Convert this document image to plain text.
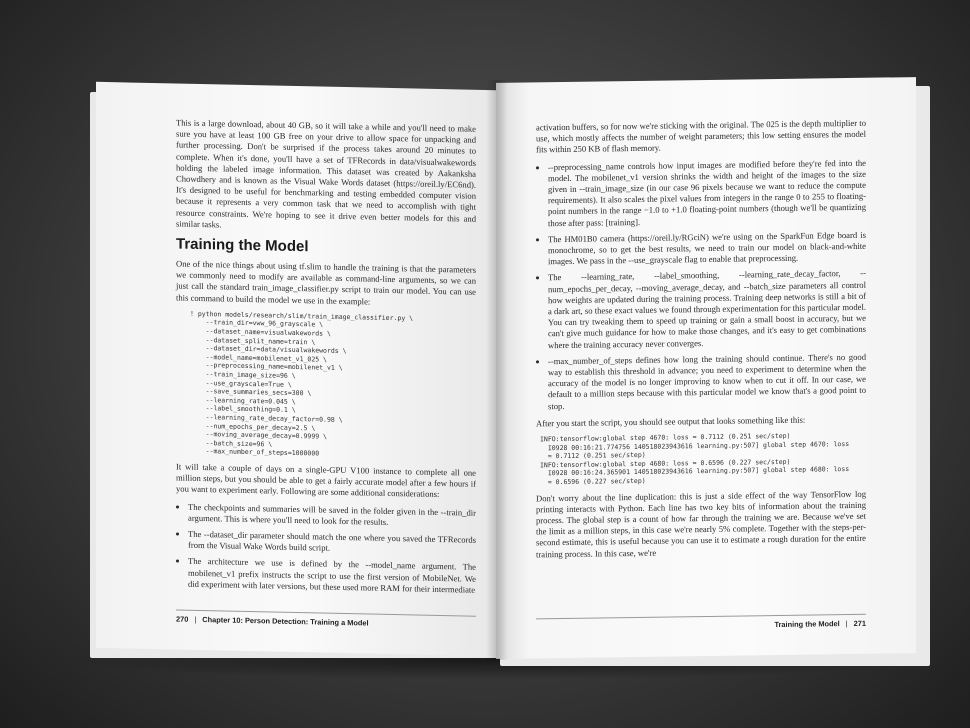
This is a large download, about 40 GB, so it will take a while and you'll need to make sure you have at least 100 GB free on your drive to allow space for unpacking and further processing. Don't be surprised if the process takes around 20 minutes to complete. When it's done, you'll have a set of TFRecords in data/visualwakewords holding the labeled image information. This dataset was created by Aakanksha Chowdhery and is known as the Visual Wake Words dataset (https://oreil.ly/EC6nd). It's designed to be useful for benchmarking and testing embedded computer vision because it represents a very common task that we need to accomplish with tight resource constraints. We're hoping to see it drive even better models for this and similar tasks.

Training the Model

One of the nice things about using tf.slim to handle the training is that the parameters we commonly need to modify are available as command-line arguments, so we can just call the standard train_image_classifier.py script to train our model. You can use this command to build the model we use in the example:

! python models/research/slim/train_image_classifier.py \
--train_dir=vww_96_grayscale \
--dataset_name=visualwakewords \
--dataset_split_name=train \
--dataset_dir=data/visualwakewords \
--model_name=mobilenet_v1_025 \
--preprocessing_name=mobilenet_v1 \
--train_image_size=96 \
--use_grayscale=True \
--save_summaries_secs=300 \
--learning_rate=0.045 \
--label_smoothing=0.1 \
--learning_rate_decay_factor=0.98 \
--num_epochs_per_decay=2.5 \
--moving_average_decay=0.9999 \
--batch_size=96 \
--max_number_of_steps=1000000

It will take a couple of days on a single-GPU V100 instance to complete all one million steps, but you should be able to get a fairly accurate model after a few hours if you want to experiment early. Following are some additional considerations:

• The checkpoints and summaries will be saved in the folder given in the --train_dir argument. This is where you'll need to look for the results.
• The --dataset_dir parameter should match the one where you saved the TFRecords from the Visual Wake Words build script.
• The architecture we use is defined by the --model_name argument. The mobilenet_v1 prefix instructs the script to use the first version of MobileNet. We did experiment with later versions, but these used more RAM for their intermediate
270 | Chapter 10: Person Detection: Training a Model

activation buffers, so for now we're sticking with the original. The 025 is the depth multiplier to use, which mostly affects the number of weight parameters; this low setting ensures the model fits within 250 KB of flash memory.

• --preprocessing_name controls how input images are modified before they're fed into the model. The mobilenet_v1 version shrinks the width and height of the images to the size given in --train_image_size (in our case 96 pixels because we want to reduce the compute requirements). It also scales the pixel values from integers in the range 0 to 255 to floating-point numbers in the range −1.0 to +1.0 floating-point numbers (though we'll be quantizing those after pass: [training].
• The HM01B0 camera (https://oreil.ly/RGciN) we're using on the SparkFun Edge board is monochrome, so to get the best results, we need to train our model on black-and-white images. We pass in the --use_grayscale flag to enable that preprocessing.
• The --learning_rate, --label_smoothing, --learning_rate_decay_factor, --num_epochs_per_decay, --moving_average_decay, and --batch_size parameters all control how weights are updated during the training process. Training deep networks is still a bit of a dark art, so these exact values we found through experimentation for this particular model. You can try tweaking them to speed up training or gain a small boost in accuracy, but we can't give much guidance for how to make those changes, and it's easy to get combinations where the training accuracy never converges.
• --max_number_of_steps defines how long the training should continue. There's no good way to establish this threshold in advance; you need to experiment to determine when the accuracy of the model is no longer improving to know when to cut it off. In our case, we default to a million steps because with this particular model we know that's a good point to stop.

After you start the script, you should see output that looks something like this:

INFO:tensorflow:global step 4670: loss = 0.7112 (0.251 sec/step)
I0928 00:16:21.774756 140518023943616 learning.py:507] global step 4670: loss
= 0.7112 (0.251 sec/step)
INFO:tensorflow:global step 4680: loss = 0.6596 (0.227 sec/step)
I0928 00:16:24.365901 140518023943616 learning.py:507] global step 4680: loss
= 0.6596 (0.227 sec/step)

Don't worry about the line duplication: this is just a side effect of the way TensorFlow log printing interacts with Python. Each line has two key bits of information about the training process. The global step is a count of how far through the training we are. Because we've set the limit as a million steps, in this case we're nearly 5% complete. Together with the steps-per-second estimate, this is useful because you can use it to estimate a rough duration for the entire training process. In this case, we're

Training the Model | 271
